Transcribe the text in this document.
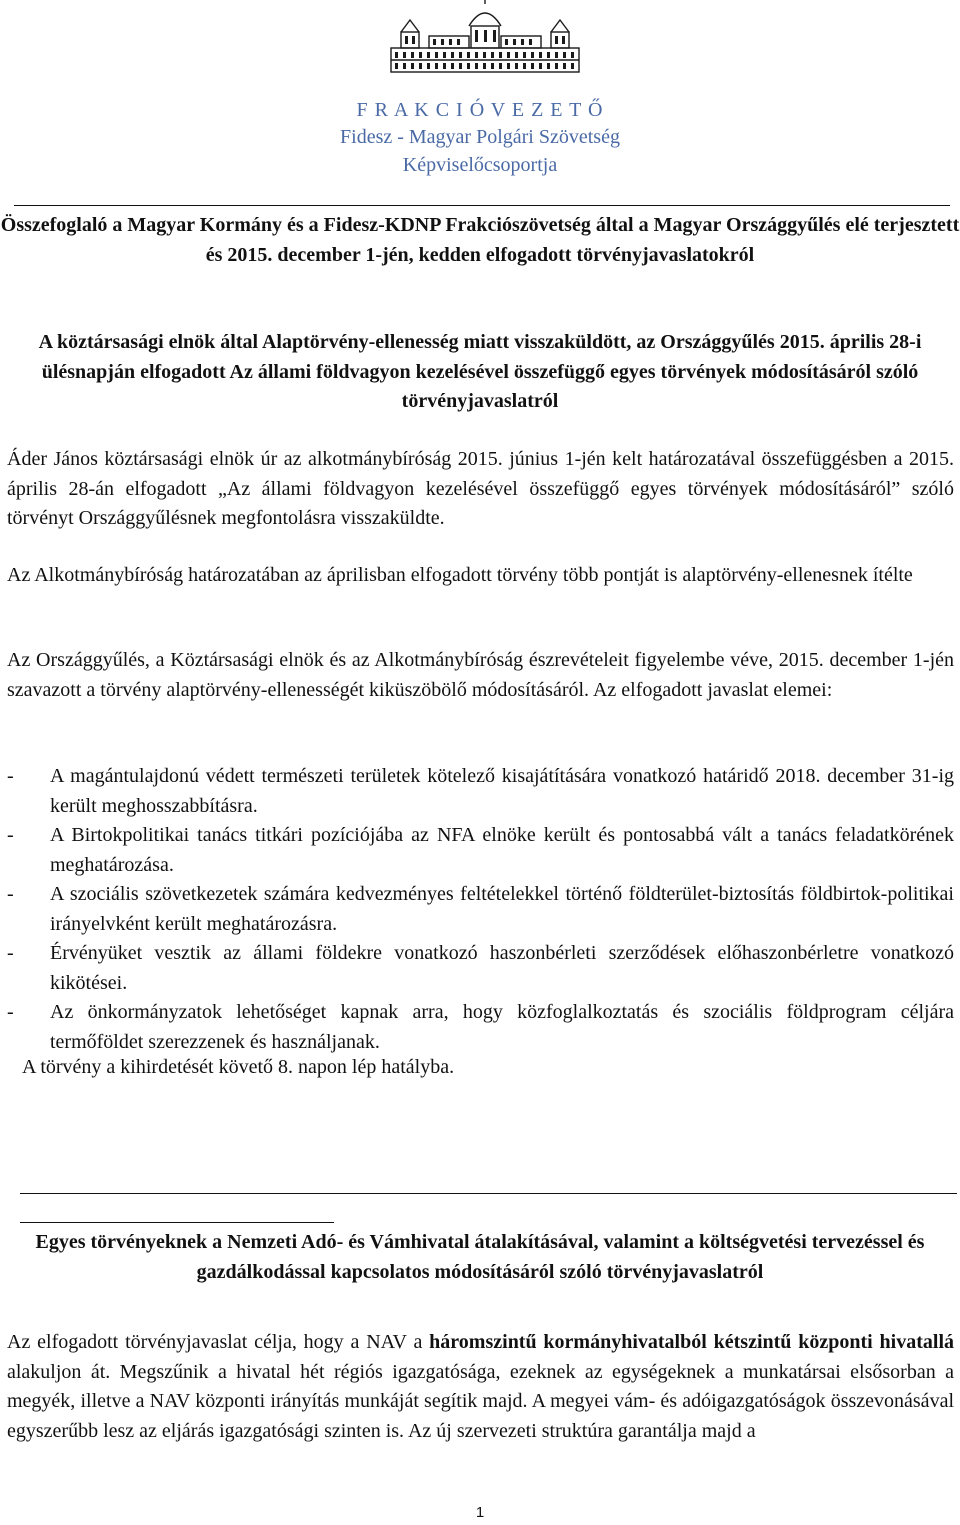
F R A K C I Ó V E Z E T Ő
Fidesz - Magyar Polgári Szövetség
Képviselőcsoportja
Összefoglaló a Magyar Kormány és a Fidesz-KDNP Frakciószövetség által a Magyar Országgyűlés elé terjesztett és 2015. december 1-jén, kedden elfogadott törvényjavaslatokról
A köztársasági elnök által Alaptörvény-ellenesség miatt visszaküldött, az Országgyűlés 2015. április 28-i ülésnapján elfogadott Az állami földvagyon kezelésével összefüggő egyes törvények módosításáról szóló törvényjavaslatról
Áder János köztársasági elnök úr az alkotmánybíróság 2015. június 1-jén kelt határozatával összefüggésben a 2015. április 28-án elfogadott „Az állami földvagyon kezelésével összefüggő egyes törvények módosításáról” szóló törvényt Országgyűlésnek megfontolásra visszaküldte.
Az Alkotmánybíróság határozatában az áprilisban elfogadott törvény több pontját is alaptörvény-ellenesnek ítélte
Az Országgyűlés, a Köztársasági elnök és az Alkotmánybíróság észrevételeit figyelembe véve, 2015. december 1-jén szavazott a törvény alaptörvény-ellenességét kiküszöbölő módosításáról. Az elfogadott javaslat elemei:
- A magántulajdonú védett természeti területek kötelező kisajátítására vonatkozó határidő 2018. december 31-ig került meghosszabbításra.
- A Birtokpolitikai tanács titkári pozíciójába az NFA elnöke került és pontosabbá vált a tanács feladatkörének meghatározása.
- A szociális szövetkezetek számára kedvezményes feltételekkel történő földterület-biztosítás földbirtok-politikai irányelvként került meghatározásra.
- Érvényüket vesztik az állami földekre vonatkozó haszonbérleti szerződések előhaszonbérletre vonatkozó kikötései.
- Az önkormányzatok lehetőséget kapnak arra, hogy közfoglalkoztatás és szociális földprogram céljára termőföldet szerezzenek és használjanak.
A törvény a kihirdetését követő 8. napon lép hatályba.
Egyes törvényeknek a Nemzeti Adó- és Vámhivatal átalakításával, valamint a költségvetési tervezéssel és gazdálkodással kapcsolatos módosításáról szóló törvényjavaslatról
Az elfogadott törvényjavaslat célja, hogy a NAV a háromszintű kormányhivatalból kétszintű központi hivatallá alakuljon át. Megszűnik a hivatal hét régiós igazgatósága, ezeknek az egységeknek a munkatársai elsősorban a megyék, illetve a NAV központi irányítás munkáját segítik majd. A megyei vám- és adóigazgatóságok összevonásával egyszerűbb lesz az eljárás igazgatósági szinten is. Az új szervezeti struktúra garantálja majd a
1
